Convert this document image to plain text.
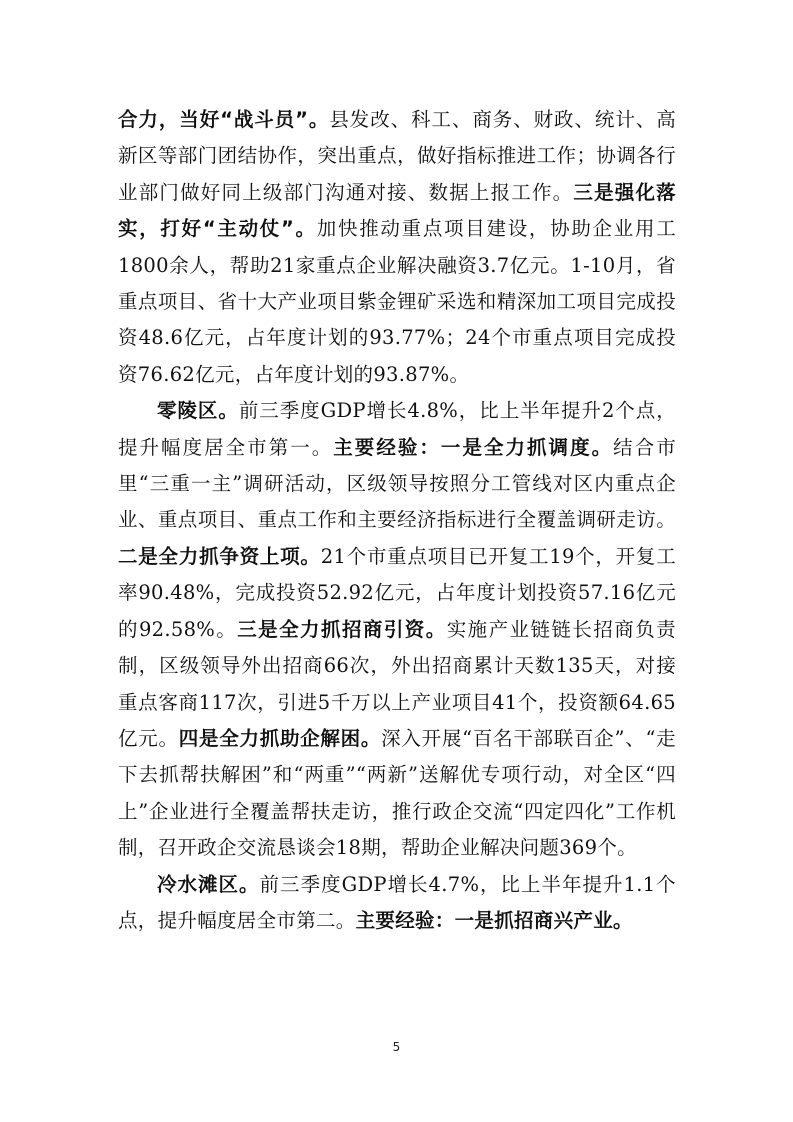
合力，当好“战斗员”。县发改、科工、商务、财政、统计、高新区等部门团结协作，突出重点，做好指标推进工作；协调各行业部门做好同上级部门沟通对接、数据上报工作。三是强化落实，打好“主动仗”。加快推动重点项目建设，协助企业用工1800余人，帮助21家重点企业解决融资3.7亿元。1-10月，省重点项目、省十大产业项目紫金锂矿采选和精深加工项目完成投资48.6亿元，占年度计划的93.77%；24个市重点项目完成投资76.62亿元，占年度计划的93.87%。

零陵区。前三季度GDP增长4.8%，比上半年提升2个点，提升幅度居全市第一。主要经验：一是全力抓调度。结合市里“三重一主”调研活动，区级领导按照分工管线对区内重点企业、重点项目、重点工作和主要经济指标进行全覆盖调研走访。二是全力抓争资上项。21个市重点项目已开复工19个，开复工率90.48%，完成投资52.92亿元，占年度计划投资57.16亿元的92.58%。三是全力抓招商引资。实施产业链链长招商负责制，区级领导外出招商66次，外出招商累计天数135天，对接重点客商117次，引进5千万以上产业项目41个，投资额64.65亿元。四是全力抓助企解困。深入开展“百名干部联百企”、“走下去抓帮扶解困”和“两重”“两新”送解优专项行动，对全区“四上”企业进行全覆盖帮扶走访，推行政企交流“四定四化”工作机制，召开政企交流恳谈会18期，帮助企业解决问题369个。

冷水滩区。前三季度GDP增长4.7%，比上半年提升1.1个点，提升幅度居全市第二。主要经验：一是抓招商兴产业。

5
